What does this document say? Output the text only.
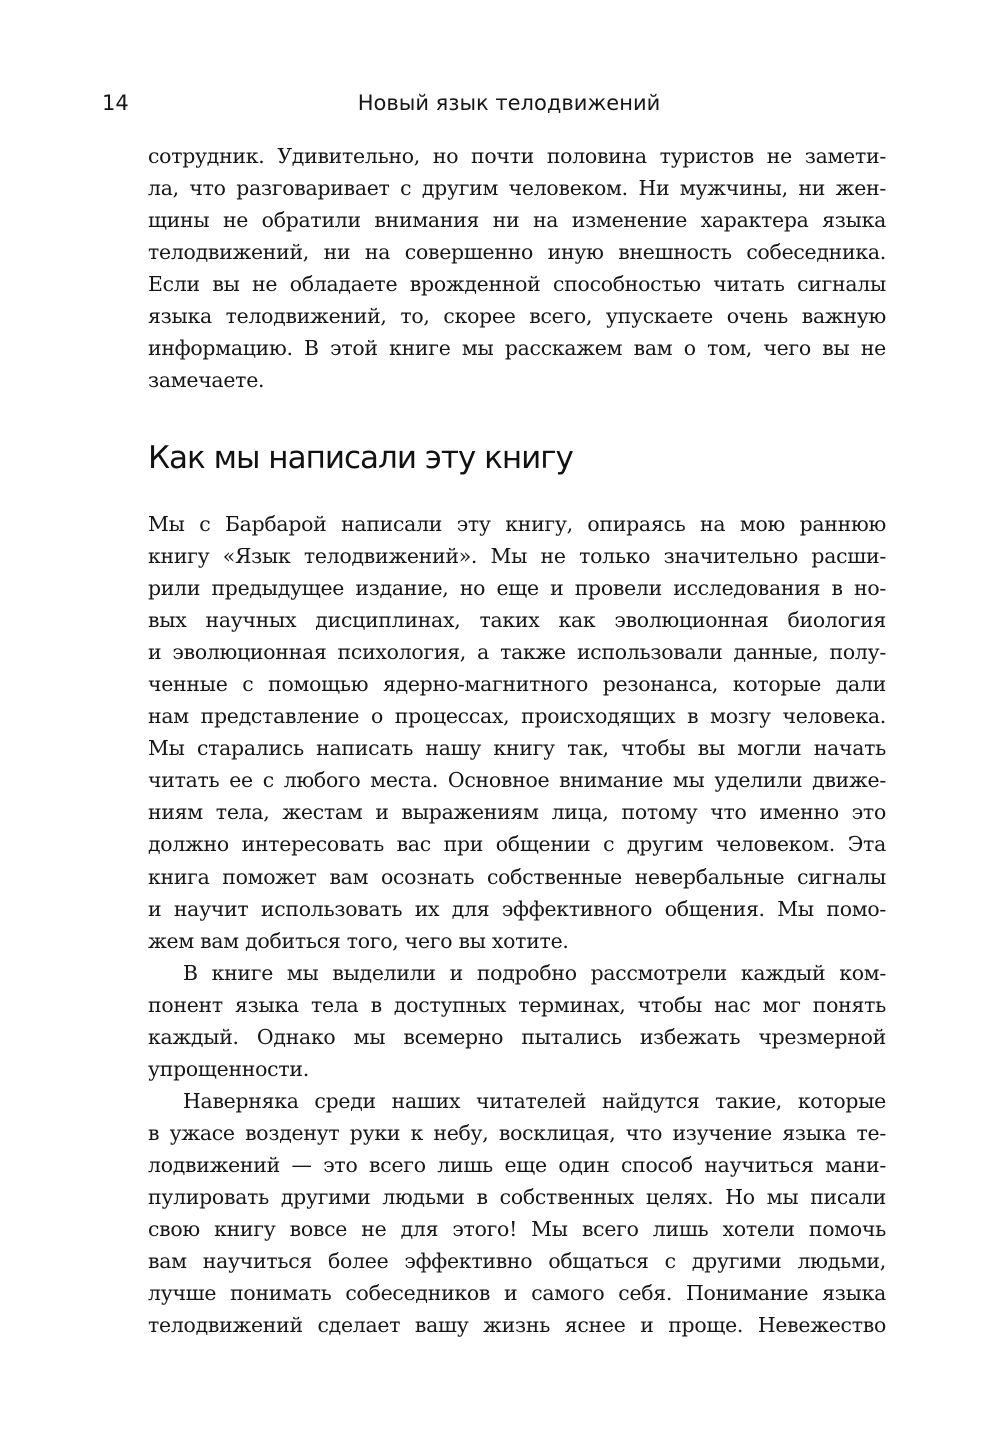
14	Новый язык телодвижений
сотрудник. Удивительно, но почти половина туристов не замети-
ла, что разговаривает с другим человеком. Ни мужчины, ни жен-
щины не обратили внимания ни на изменение характера языка
телодвижений, ни на совершенно иную внешность собеседника.
Если вы не обладаете врожденной способностью читать сигналы
языка телодвижений, то, скорее всего, упускаете очень важную
информацию. В этой книге мы расскажем вам о том, чего вы не
замечаете.
Как мы написали эту книгу
Мы с Барбарой написали эту книгу, опираясь на мою раннюю
книгу «Язык телодвижений». Мы не только значительно расши-
рили предыдущее издание, но еще и провели исследования в но-
вых научных дисциплинах, таких как эволюционная биология
и эволюционная психология, а также использовали данные, полу-
ченные с помощью ядерно-магнитного резонанса, которые дали
нам представление о процессах, происходящих в мозгу человека.
Мы старались написать нашу книгу так, чтобы вы могли начать
читать ее с любого места. Основное внимание мы уделили движе-
ниям тела, жестам и выражениям лица, потому что именно это
должно интересовать вас при общении с другим человеком. Эта
книга поможет вам осознать собственные невербальные сигналы
и научит использовать их для эффективного общения. Мы помо-
жем вам добиться того, чего вы хотите.
В книге мы выделили и подробно рассмотрели каждый ком-
понент языка тела в доступных терминах, чтобы нас мог понять
каждый. Однако мы всемерно пытались избежать чрезмерной
упрощенности.
Наверняка среди наших читателей найдутся такие, которые
в ужасе возденут руки к небу, восклицая, что изучение языка те-
лодвижений — это всего лишь еще один способ научиться мани-
пулировать другими людьми в собственных целях. Но мы писали
свою книгу вовсе не для этого! Мы всего лишь хотели помочь
вам научиться более эффективно общаться с другими людьми,
лучше понимать собеседников и самого себя. Понимание языка
телодвижений сделает вашу жизнь яснее и проще. Невежество
